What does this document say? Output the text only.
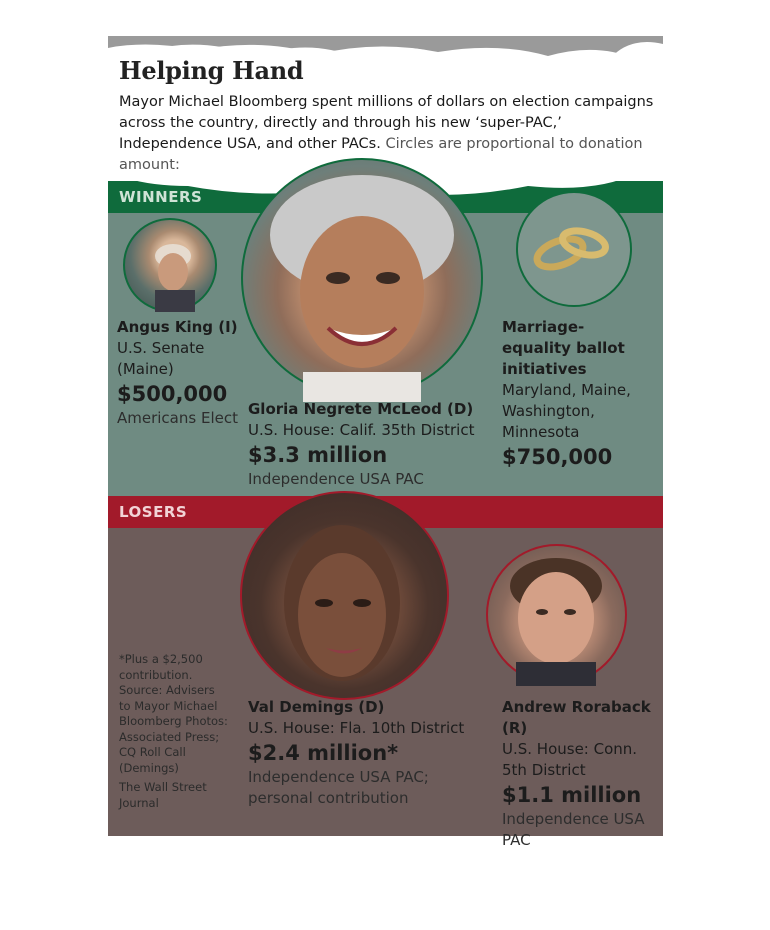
WINNERS
LOSERS
Helping Hand
Mayor Michael Bloomberg spent millions of dollars on election campaigns across the country, directly and through his new ‘super-PAC,’ Independence USA, and other PACs. Circles are proportional to donation amount:
Angus King (I)
U.S. Senate (Maine)
$500,000
Americans Elect Gloria Negrete McLeod (D)
U.S. House: Calif. 35th District
$3.3 million
Independence USA PAC
Marriage-equality ballot initiatives
Maryland, Maine, Washington, Minnesota
$750,000
Val Demings (D)
U.S. House: Fla. 10th District
$2.4 million*
Independence USA PAC; personal contribution
Andrew Roraback (R)
U.S. House: Conn. 5th District
$1.1 million
Independence USA PAC

*Plus a $2,500 contribution. Source: Advisers to Mayor Michael Bloomberg Photos: Associated Press; CQ Roll Call (Demings)

The Wall Street Journal
